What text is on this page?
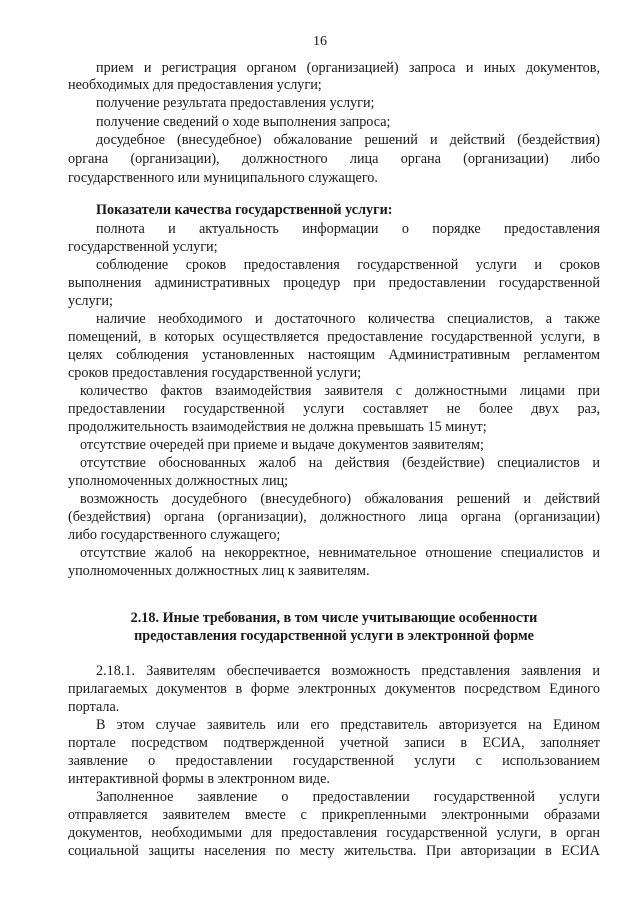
16
прием и регистрация органом (организацией) запроса и иных документов,
необходимых для предоставления услуги;
получение результата предоставления услуги;
получение сведений о ходе выполнения запроса;
досудебное (внесудебное) обжалование решений и действий (бездействия)
органа (организации), должностного лица органа (организации) либо
государственного или муниципального служащего.
Показатели качества государственной услуги:
полнота и актуальность информации о порядке предоставления
государственной услуги;
соблюдение сроков предоставления государственной услуги и сроков
выполнения административных процедур при предоставлении государственной
услуги;
наличие необходимого и достаточного количества специалистов, а также
помещений, в которых осуществляется предоставление государственной услуги, в
целях соблюдения установленных настоящим Административным регламентом
сроков предоставления государственной услуги;
количество фактов взаимодействия заявителя с должностными лицами при
предоставлении государственной услуги составляет не более двух раз,
продолжительность взаимодействия не должна превышать 15 минут;
отсутствие очередей при приеме и выдаче документов заявителям;
отсутствие обоснованных жалоб на действия (бездействие) специалистов и
уполномоченных должностных лиц;
возможность досудебного (внесудебного) обжалования решений и действий
(бездействия) органа (организации), должностного лица органа (организации)
либо государственного служащего;
отсутствие жалоб на некорректное, невнимательное отношение специалистов и
уполномоченных должностных лиц к заявителям.
2.18. Иные требования, в том числе учитывающие особенности
предоставления государственной услуги в электронной форме
2.18.1. Заявителям обеспечивается возможность представления заявления и
прилагаемых документов в форме электронных документов посредством Единого
портала.
В этом случае заявитель или его представитель авторизуется на Едином
портале посредством подтвержденной учетной записи в ЕСИА, заполняет
заявление о предоставлении государственной услуги с использованием
интерактивной формы в электронном виде.
Заполненное заявление о предоставлении государственной услуги
отправляется заявителем вместе с прикрепленными электронными образами
документов, необходимыми для предоставления государственной услуги, в орган
социальной защиты населения по месту жительства. При авторизации в ЕСИА
